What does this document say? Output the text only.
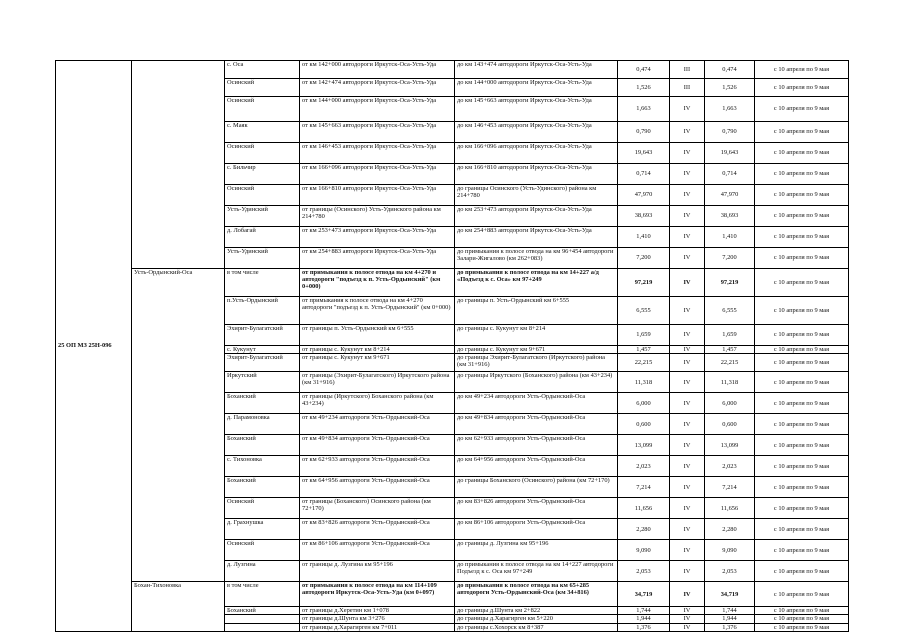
25 ОП МЗ 25Н-096		с. Оса	от км 142+000 автодороги Иркутск-Оса-Усть-Уда	до км 143+474 автодороги Иркутск-Оса-Усть-Уда	0,474	III	0,474	с 10 апреля по 9 мая
		Осинский	от км 142+474 автодороги Иркутск-Оса-Усть-Уда	до км 144+000 автодороги Иркутск-Оса-Усть-Уда	1,526	III	1,526	с 10 апреля по 9 мая
		Осинский	от км 144+000 автодороги Иркутск-Оса-Усть-Уда	до км 145+663 автодороги Иркутск-Оса-Усть-Уда	1,663	IV	1,663	с 10 апреля по 9 мая
		с. Маяк	от км 145+663 автодороги Иркутск-Оса-Усть-Уда	до км 146+453 автодороги Иркутск-Оса-Усть-Уда	0,790	IV	0,790	с 10 апреля по 9 мая
		Осинский	от км 146+453 автодороги Иркутск-Оса-Усть-Уда	до км 166+096 автодороги Иркутск-Оса-Усть-Уда	19,643	IV	19,643	с 10 апреля по 9 мая
		с. Бильчир	от км 166+096 автодороги Иркутск-Оса-Усть-Уда	до км 166+810 автодороги Иркутск-Оса-Усть-Уда	0,714	IV	0,714	с 10 апреля по 9 мая
		Осинский	от км 166+810 автодороги Иркутск-Оса-Усть-Уда	до границы Осинского (Усть-Удинского) района км 214+780	47,970	IV	47,970	с 10 апреля по 9 мая
		Усть-Удинский	от границы (Осинского) Усть-Удинского района км 214+780	до км 253+473 автодороги Иркутск-Оса-Усть-Уда	38,693	IV	38,693	с 10 апреля по 9 мая
		д. Лобагай	от км 253+473 автодороги Иркутск-Оса-Усть-Уда	до км 254+883 автодороги Иркутск-Оса-Усть-Уда	1,410	IV	1,410	с 10 апреля по 9 мая
		Усть-Удинский	от км 254+883 автодороги Иркутск-Оса-Усть-Уда	до примыкания к полосе отвода на км 96+454 автодороги Залари-Жигалово (км 262+083)	7,200	IV	7,200	с 10 апреля по 9 мая
	Усть-Ордынский-Оса	в том числе	от примыкания к полосе отвода на км 4+270 и автодороги "подъезд к п. Усть-Ордынский" (км 0+000)	до примыкания к полосе отвода на км 14+227 а/д «Подъезд к с. Оса» км 97+249	97,219	IV	97,219	с 10 апреля по 9 мая
		п.Усть-Ордынский	от примыкания к полосе отвода на км 4+270 автодороги "подъезд к п. Усть-Ордынский" (км 0+000)	до границы п. Усть-Ордынский км 6+555	6,555	IV	6,555	с 10 апреля по 9 мая
		Эхирит-Булагатский	от границы п. Усть-Ордынский км 6+555	до границы с. Кукунут км 8+214	1,659	IV	1,659	с 10 апреля по 9 мая
		с. Кукунут	от границы с. Кукунут км 8+214	до границы с. Кукунут км 9+671	1,457	IV	1,457	с 10 апреля по 9 мая
		Эхирит-Булагатский	от границы с. Кукунут км 9+671	до границы Эхирит-Булагатского (Иркутского) района (км 31+916)	22,215	IV	22,215	с 10 апреля по 9 мая
		Иркутский	от границы (Эхирит-Булагатского) Иркутского района (км 31+916)	до границы Иркутского (Боханского) района (км 43+234)	11,318	IV	11,318	с 10 апреля по 9 мая
		Боханский	от границы (Иркутского) Боханского района (км 43+234)	до км 49+234 автодороги Усть-Ордынский-Оса	6,000	IV	6,000	с 10 апреля по 9 мая
		д. Парамоновка	от км 49+234 автодороги Усть-Ордынский-Оса	до км 49+834 автодороги Усть-Ордынский-Оса	0,600	IV	0,600	с 10 апреля по 9 мая
		Боханский	от км 49+834 автодороги Усть-Ордынский-Оса	до км 62+933 автодороги Усть-Ордынский-Оса	13,099	IV	13,099	с 10 апреля по 9 мая
		с. Тихоновка	от км 62+933 автодороги Усть-Ордынский-Оса	до км 64+956 автодороги Усть-Ордынский-Оса	2,023	IV	2,023	с 10 апреля по 9 мая
		Боханский	от км 64+956 автодороги Усть-Ордынский-Оса	до границы Боханского (Осинского) района (км 72+170)	7,214	IV	7,214	с 10 апреля по 9 мая
		Осинский	от границы (Боханского) Осинского района (км 72+170)	до км 83+826 автодороги Усть-Ордынский-Оса	11,656	IV	11,656	с 10 апреля по 9 мая
		д. Грахнушка	от км 83+826 автодороги Усть-Ордынский-Оса	до км 86+106 автодороги Усть-Ордынский-Оса	2,280	IV	2,280	с 10 апреля по 9 мая
		Осинский	от км 86+106 автодороги Усть-Ордынский-Оса	до границы д. Лузгина км 95+196	9,090	IV	9,090	с 10 апреля по 9 мая
		д. Лузгина	от границы д. Лузгина км 95+196	до примыкания к полосе отвода на км 14+227 автодороги Подъезд к с. Оса км 97+249	2,053	IV	2,053	с 10 апреля по 9 мая
	Бохан-Тихоновка	в том числе	от примыкания к полосе отвода на км 114+109 автодороги Иркутск-Оса-Усть-Уда (км 0+097)	до примыкания к полосе отвода на км 65+285 автодороги Усть-Ордынский-Оса (км 34+816)	34,719	IV	34,719	с 10 апреля по 9 мая
		Боханский	от границы д.Херетин км 1+078	до границы д.Шунта км 2+822	1,744	IV	1,744	с 10 апреля по 9 мая
			от границы д.Шунта км 3+276	до границы д.Харагирген км 5+220	1,944	IV	1,944	с 10 апреля по 9 мая
			от границы д.Харагирген км 7+011	до границы с.Хохорск км 8+387	1,376	IV	1,376	с 10 апреля по 9 мая
